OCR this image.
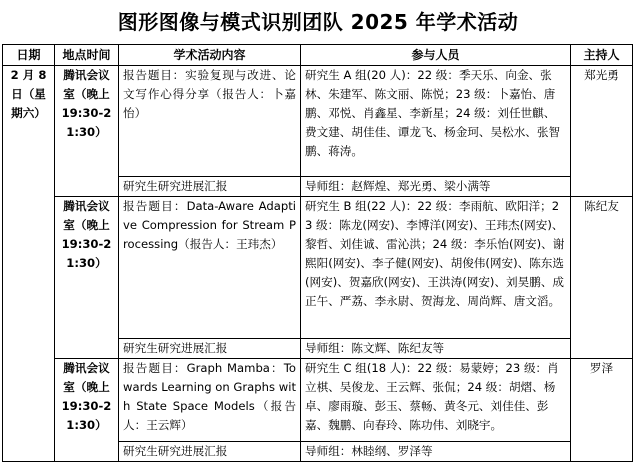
图形图像与模式识别团队 2025 年学术活动
日期	地点时间	学术活动内容	参与人员	主持人
2 月 8 日（星期六）	腾讯会议室（晚上 19:30-21:30）	报告题目：实验复现与改进、论文写作心得分享（报告人：卜嘉怡）	研究生 A 组(20 人)：22 级：季天乐、向金、张林、朱建军、陈文丽、陈悦；23 级：卜嘉怡、唐鹏、邓悦、肖鑫星、李新星；24 级：刘任世麒、费文建、胡佳佳、谭龙飞、杨金珂、吴松水、张智鹏、蒋涛。	郑光勇
		研究生研究进展汇报	导师组：赵辉煌、郑光勇、梁小满等	
	腾讯会议室（晚上 19:30-21:30）	报告题目：Data-Aware Adaptive Compression for Stream Processing（报告人：王玮杰）	研究生 B 组(22 人)：22 级：李雨航、欧阳洋；23 级：陈龙(网安)、李博洋(网安)、王玮杰(网安)、黎哲、刘佳诚、雷沁洪；24 级：李乐怡(网安)、谢熙阳(网安)、李子健(网安)、胡俊伟(网安)、陈东选(网安)、贺嘉欣(网安)、王洪涛(网安)、刘昊鹏、成正午、严荔、李永尉、贺海龙、周尚辉、唐文滔。	陈纪友
		研究生研究进展汇报	导师组：陈文辉、陈纪友等	
	腾讯会议室（晚上 19:30-21:30）	报告题目：Graph Mamba：Towards Learning on Graphs with State Space Models（报告人：王云辉）	研究生 C 组(18 人)：22 级：易蒙婷；23 级：肖立棋、吴俊龙、王云辉、张侃；24 级：胡熠、杨卓、廖雨璇、彭玉、蔡畅、黄冬元、刘佳佳、彭嘉、魏鹏、向春玲、陈功伟、刘晓宇。	罗泽
		研究生研究进展汇报	导师组：林睦纲、罗泽等	
